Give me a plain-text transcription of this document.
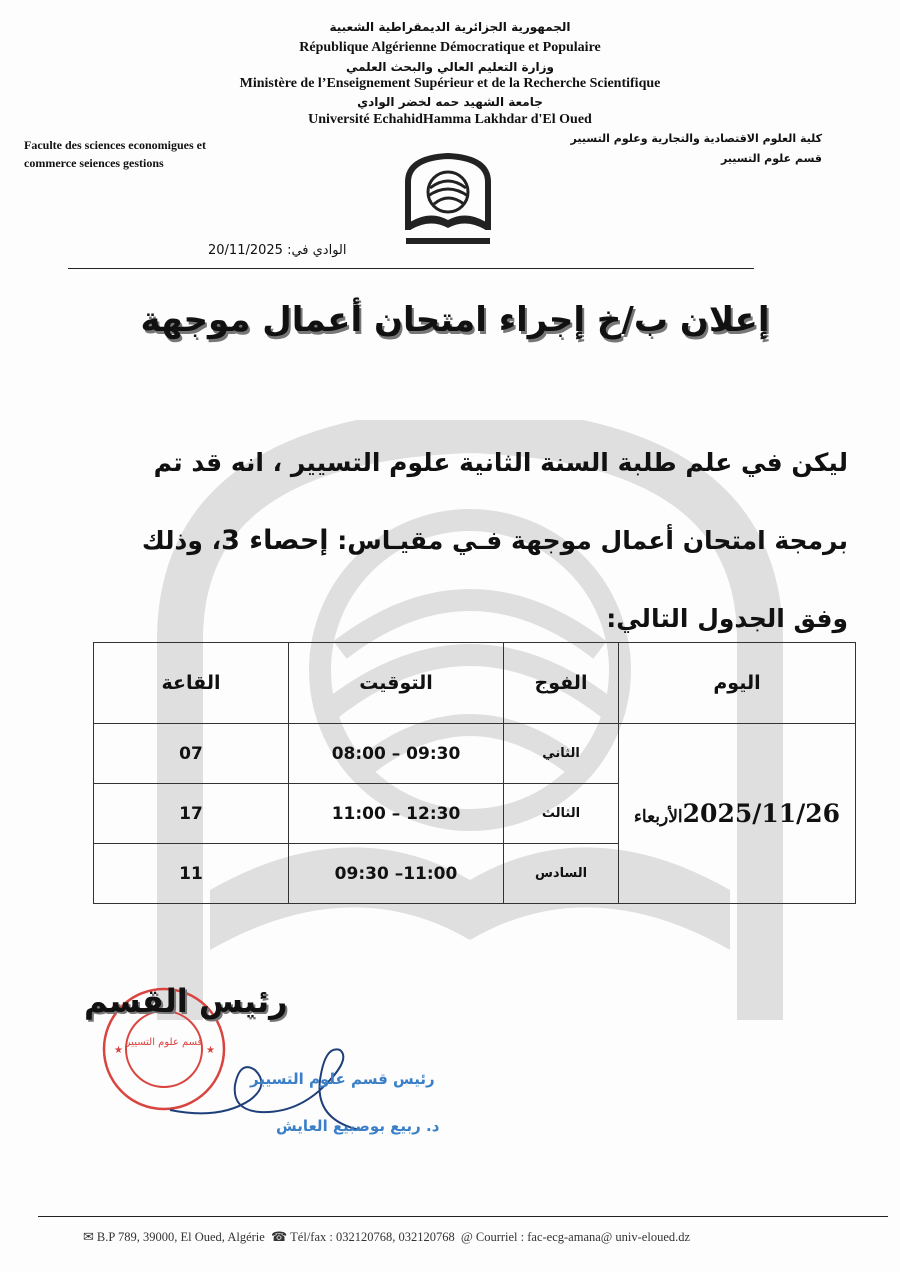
الجمهورية الجزائرية الديمقراطية الشعبية
République Algérienne Démocratique et Populaire
وزارة التعليم العالي والبحث العلمي
Ministère de l’Enseignement Supérieur et de la Recherche Scientifique
جامعة الشهيد حمه لخضر الوادي
Université EchahidHamma Lakhdar d'El Oued
Faculte des sciences economigues et
commerce seiences gestions
كلية العلوم الاقتصادية والتجارية وعلوم التسيير
قسم علوم التسيير
الوادي في: 20/11/2025
إعلان ب/خ إجراء امتحان أعمال موجهة
ليكن في علم طلبة السنة الثانية علوم التسيير ، انه قد تم
برمجة امتحان أعمال موجهة فـي مقيـاس: إحصاء 3، وذلك
وفق الجدول التالي:
اليوم	الفوج	التوقيت	القاعة
2025/11/26الأربعاء	الثاني	09:30 – 08:00	07
	الثالث	12:30 – 11:00	17
	السادس	11:00– 09:30	11
قسم علوم التسيير
★	★
رئيس القسم
رئيس قسم علوم التسيير
د. ربيع بوصبيع العايش
✉ B.P 789, 39000, El Oued, Algérie ☎ Tél/fax : 032120768, 032120768 @ Courriel : fac-ecg-amana@ univ-eloued.dz
